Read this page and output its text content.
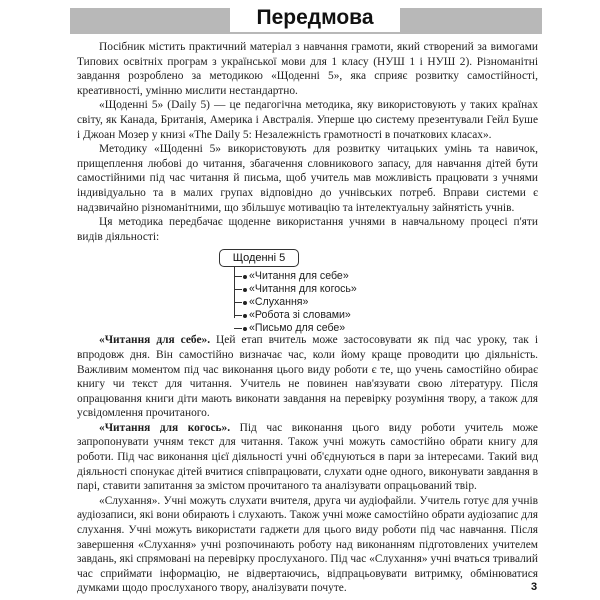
Передмова

Посібник містить практичний матеріал з навчання грамоти, який створений за вимогами Типових освітніх програм з української мови для 1 класу (НУШ 1 і НУШ 2). Різноманітні завдання розроблено за методикою «Щоденні 5», яка сприяє розвитку самостійності, креативності, умінню мислити нестандартно.

«Щоденні 5» (Daily 5) — це педагогічна методика, яку використовують у таких країнах світу, як Канада, Британія, Америка і Австралія. Уперше цю систему презентували Гейл Буше і Джоан Мозер у книзі «The Daily 5: Незалежність грамотності в початкових класах».

Методику «Щоденні 5» використовують для розвитку читацьких умінь та навичок, прищеплення любові до читання, збагачення словникового запасу, для навчання дітей бути самостійними під час читання й письма, щоб учитель мав можливість працювати з учнями індивідуально та в малих групах відповідно до учнівських потреб. Вправи системи є надзвичайно різноманітними, що збільшує мотивацію та інтелектуальну зайнятість учнів.

Ця методика передбачає щоденне використання учнями в навчальному процесі п'яти видів діяльності:

Щоденні 5
«Читання для себе»
«Читання для когось»
«Слухання»
«Робота зі словами»
«Письмо для себе»

«Читання для себе». Цей етап вчитель може застосовувати як під час уроку, так і впродовж дня. Він самостійно визначає час, коли йому краще проводити цю діяльність. Важливим моментом під час виконання цього виду роботи є те, що учень самостійно обирає книгу чи текст для читання. Учитель не повинен нав'язувати свою літературу. Після опрацювання книги діти мають виконати завдання на перевірку розуміння твору, а також для усвідомлення прочитаного.

«Читання для когось». Під час виконання цього виду роботи учитель може запропонувати учням текст для читання. Також учні можуть самостійно обрати книгу для роботи. Під час виконання цієї діяльності учні об'єднуються в пари за інтересами. Такий вид діяльності спонукає дітей вчитися співпрацювати, слухати одне одного, виконувати завдання в парі, ставити запитання за змістом прочитаного та аналізувати опрацьований твір.

«Слухання». Учні можуть слухати вчителя, друга чи аудіофайли. Учитель готує для учнів аудіозаписи, які вони обирають і слухають. Також учні може самостійно обрати аудіозапис для слухання. Учні можуть використати гаджети для цього виду роботи під час навчання. Після завершення «Слухання» учні розпочинають роботу над виконанням підготовлених учителем завдань, які спрямовані на перевірку прослуханого. Під час «Слухання» учні вчаться тривалий час сприймати інформацію, не відвертаючись, відпрацьовувати витримку, обмінюватися думками щодо прослуханого твору, аналізувати почуте.	3
